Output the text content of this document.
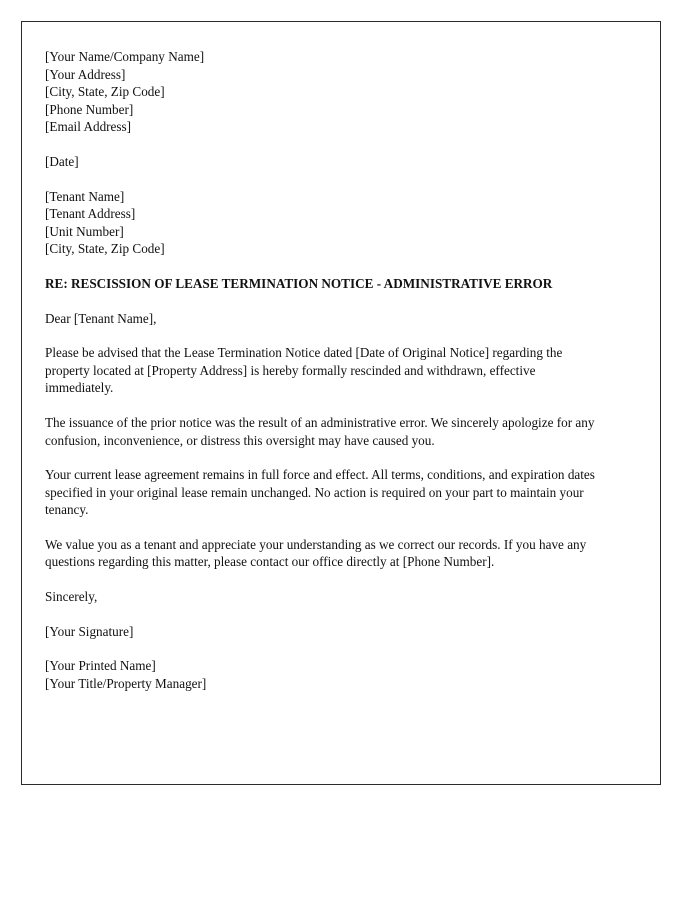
[Your Name/Company Name]
[Your Address]
[City, State, Zip Code]
[Phone Number]
[Email Address]
[Date]
[Tenant Name]
[Tenant Address]
[Unit Number]
[City, State, Zip Code]

RE: RESCISSION OF LEASE TERMINATION NOTICE - ADMINISTRATIVE ERROR

Dear [Tenant Name],

Please be advised that the Lease Termination Notice dated [Date of Original Notice] regarding the property located at [Property Address] is hereby formally rescinded and withdrawn, effective immediately.

The issuance of the prior notice was the result of an administrative error. We sincerely apologize for any confusion, inconvenience, or distress this oversight may have caused you.

Your current lease agreement remains in full force and effect. All terms, conditions, and expiration dates specified in your original lease remain unchanged. No action is required on your part to maintain your tenancy.

We value you as a tenant and appreciate your understanding as we correct our records. If you have any questions regarding this matter, please contact our office directly at [Phone Number].

Sincerely,

[Your Signature]
[Your Printed Name]
[Your Title/Property Manager]
